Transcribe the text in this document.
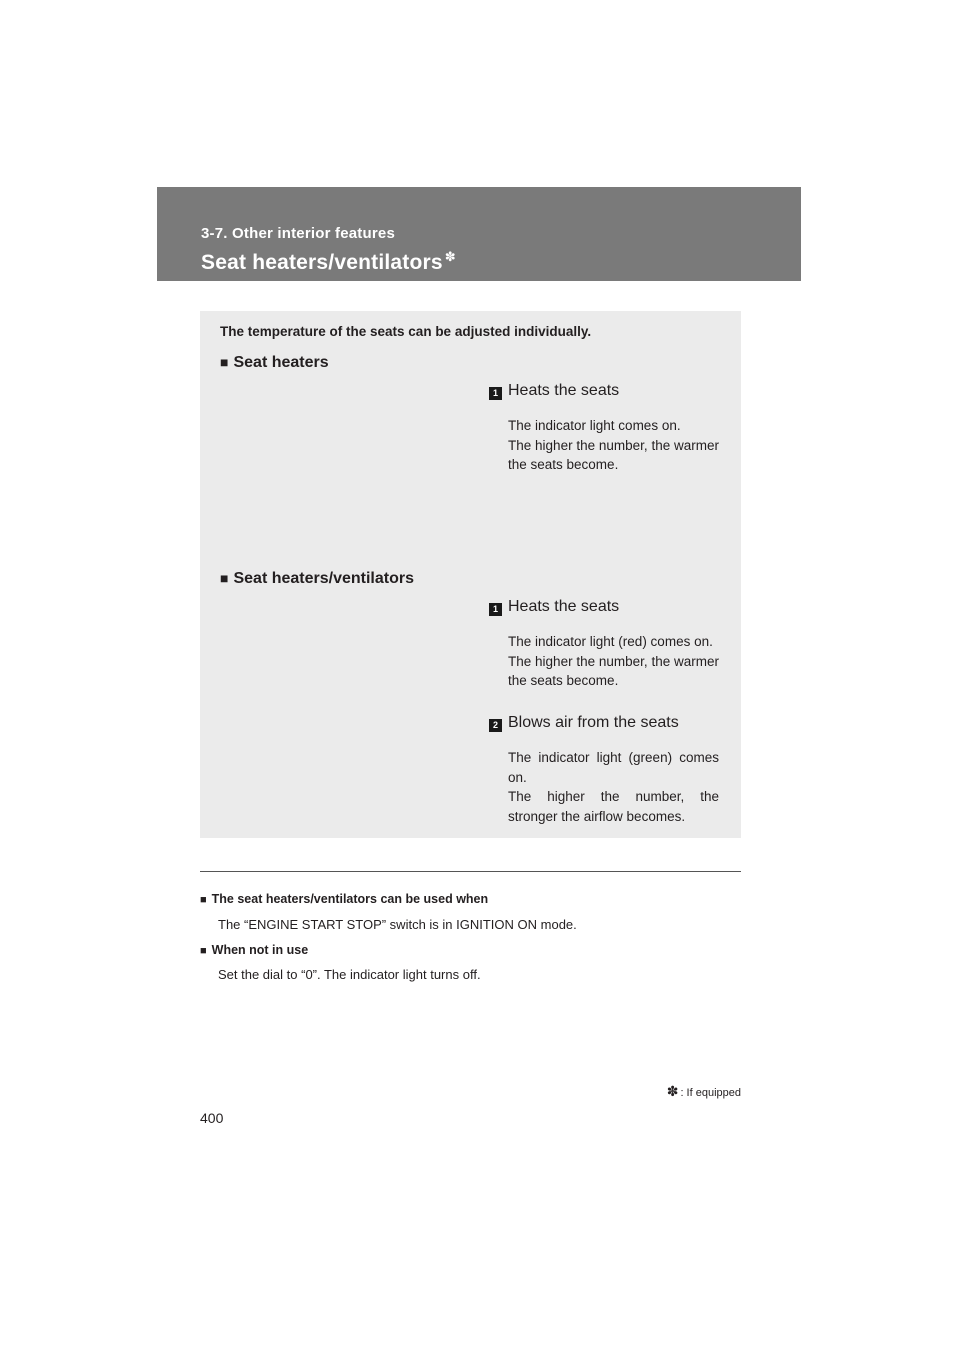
3-7. Other interior features
Seat heaters/ventilators ✽
The temperature of the seats can be adjusted individually.
■ Seat heaters
1 Heats the seats
The indicator light comes on.
The higher the number, the warmer the seats become.
■ Seat heaters/ventilators
1 Heats the seats
The indicator light (red) comes on.
The higher the number, the warmer the seats become.
2 Blows air from the seats
The indicator light (green) comes on.
The higher the number, the stronger the airflow becomes.
■ The seat heaters/ventilators can be used when
The “ENGINE START STOP” switch is in IGNITION ON mode.
■ When not in use
Set the dial to “0”. The indicator light turns off.
✽ : If equipped
400
